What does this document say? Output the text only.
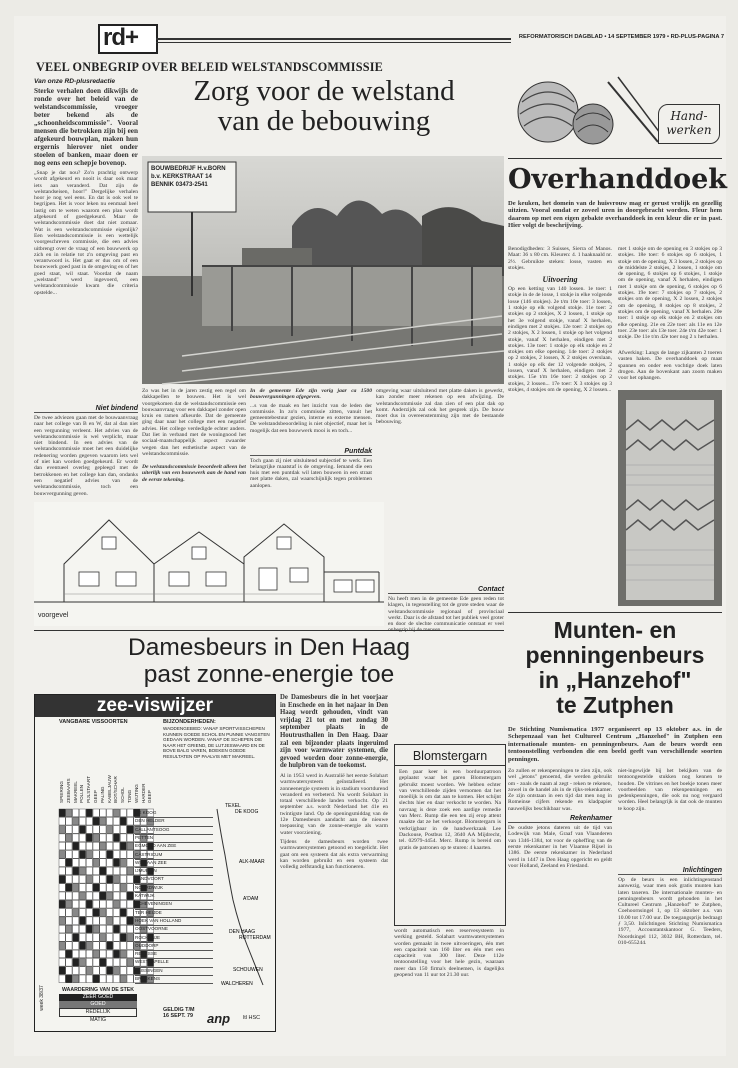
rd+	REFORMATORISCH DAGBLAD • 14 SEPTEMBER 1979 • RD-PLUS-PAGINA 7
VEEL ONBEGRIP OVER BELEID WELSTANDSCOMMISSIE
Zorg voor de welstand
van de bebouwing
Van onze RD-plusredactie
Sterke verhalen doen dikwijls de ronde over het beleid van de welstandscommissie, vroeger beter bekend als de „schoonheidscommissie". Vooral mensen die betrokken zijn bij een afgekeurd bouwplan, maken hun ergernis hierover niet onder stoelen of banken, maar doen er nog eens een schepje bovenop.
„Snap je dat nou? Zo'n prachtig ontwerp wordt afgekeurd en nooit is daar ook maar iets aan veranderd. Dat zijn de welstandseisen, hoor!" Dergelijke verhalen hoor je nog wel eens. En dat is ook wel te begrijpen. Het is voor leken nu eenmaal heel lastig om te weten waarom een plan wordt afgekeurd of goedgekeurd. Maar de welstandscommissie doet dat niet zomaar. Wat is een welstandscommissie eigenlijk? Een welstandscommissie is een wettelijk voorgeschreven commissie, die een advies uitbrengt over de vraag of een bouwwerk op zich en in relatie tot z'n omgeving past en verantwoord is. Het gaat er dus om of een bouwwerk goed past in de omgeving en of het goed staat, wil staat. Voordat de naam „welstand" werd ingevoerd, een welstandcommissie kwam die criteria opstelde...
Niet bindend
De twee adviezen gaan met de bouwaanvraag naar het college van B en W, dat al dan niet een vergunning verleent. Het advies van de welstandscommissie is wel verplicht, maar niet bindend. In een advies van de welstandscommissie moet het een duidelijke redenering worden gegeven waarom iets wel of niet kan worden goedgekeurd. Er wordt dan eventueel overleg gepleegd met de betrokkenen en het college kan dan, ondanks een negatief advies van de welstandscommissie, toch een bouwvergunning geven.
BOUWBEDRIJF H.v.BORN b.v. KERKSTRAAT 14 BENNIK 03473-2541
Zo was het in de jaren zestig een regel om dakkapellen te bouwen. Het is wel voorgekomen dat de welstandscommissie een bouwaanvraag voor een dakkapel zonder open kruis en ramen afkeurde. Dat de gemeente ging daar naar het college met een negatief advies. Het college verdedigde echter anders. Dat liet in verband met de woningnood het sociaal-maatschappelijk aspect zwaarder wegen dan het esthetische aspect van de welstandscommissie.
De welstandscommissie beoordeelt alleen het uiterlijk van een bouwwerk aan de hand van de eerste tekening.
In de gemeente Ede zijn vorig jaar ca 1500 bouwvergunningen afgegeven.
...s van de maak en het inzicht van de leden der commissie. In zo'n commissie zitten, vanuit het gemeentebestuur gezien, interne en externe mensen. De welstandsbeoordeling is niet objectief, maar het is mogelijk dat een bouwwerk mooi is en toch...
Puntdak
Toch gaan zij niet uitsluitend subjectief te werk. Een belangrijke maatstaf is de omgeving. Iemand die een huis met een puntdak wil laten bouwen in een straat met platte daken, zal waarschijnlijk tegen problemen aanlopen.
omgeving waar uitsluitend met platte daken is gewerkt, kan zonder meer rekenen op een afwijzing. De welstandscommissie zal dan zien of een plat dak op komt. Anderzijds zal ook het gesprek zijn. De bouw moet dus in overeenstemming zijn met de bestaande bebouwing.
voorgevel
Contact
Nu heeft men in de gemeente Ede geen reden tot klagen, in tegenstelling tot de grote steden waar de welstandscommissie regionaal of provinciaal werkt. Daar is de afstand tot het publiek veel groter en door de slechte communicatie ontstaat er veel
Hand-
werken
Overhanddoek
De keuken, het domein van de huisvrouw mag er gerust vrolijk en gezellig uitzien. Vooral omdat er zoveel uren in doorgebracht worden. Fleur hem daarom op met een eigen gebakte overhanddoek in een kleur die er in past. Hier volgt de beschrijving.
Benodigdheden: 3 Suisses, Sierra of Manos. Maat: 36 x 80 cm. Kleuren: 4. 1 haaknaald nr. 2½. Gebruikte steken: losse, vasten en stokjes.
Uitvoering
Op een ketting van 140 lossen. 1e toer: 1 stokje in de 4e losse, 1 stokje in elke volgende losse (146 stokjes). 2e t/m 10e toer: 3 lossen, 1 stokje op elk volgend stokje. 11e toer: 2 stokjes op 2 stokjes, X 2 lossen, 1 stokje op het 3e volgend stokje, vanaf X herhalen, eindigen met 2 stokjes. 12e toer: 2 stokjes op 2 stokjes, X 2 lossen, 1 stokje op het volgend stokje, vanaf X herhalen, eindigen met 2 stokjes. 13e toer: 1 stokje op elk stokje en 2 stokjes om elke opening. 14e toer: 2 stokjes op 2 stokjes, 2 lossen, X 2 stokjes overslaan, 1 stokje op elk der 12 volgende stokjes, 2 lossen, vanaf X herhalen, eindigen met 2 stokjes. 15e t/m 16e toer: 2 stokjes op 2 stokjes, 2 lossen... 17e toer: X 3 stokjes op 3 stokjes, 4 stokjes om de opening, X 2 lossen...
met 1 stokje om de opening en 3 stokjes op 3 stokjes. 18e toer: 6 stokjes op 6 stokjes, 1 stokje om de opening, X 3 lossen, 2 stokjes op de middelste 2 stokjes, 2 lossen, 1 stokje om de opening, 6 stokjes op 6 stokjes, 1 stokje om de opening, vanaf X herhalen, eindigen met 1 stokje om de opening, 6 stokjes op 6 stokjes. 19e toer: 7 stokjes op 7 stokjes, 2 stokjes om de opening, X 2 lossen, 2 stokjes om de opening, 8 stokjes op 8 stokjes, 2 stokjes om de opening, vanaf X herhalen. 20e toer: 1 stokje op elk stokje en 2 stokjes om elke opening. 21e en 22e toer: als 11e en 12e toer. 23e toer: als 13e toer. 24e t/m 42e toer: 1 stokje. De 11e t/m 42e toer nog 2 x herhalen.
Afwerking: Langs de lange zijkanten 2 toeren vasten haken. De overhanddoek op maat spannen en onder een vochtige doek laten drogen. Aan de bovenkant aan zoom maken voor het ophangen.
Damesbeurs in Den Haag
past zonne-energie toe
zee-viswijzer
VANGBARE VISSOORTEN	BIJZONDERHEDEN:
WADDENGEBIED: VANAF SPORTVISSCHEPEN KUNNEN GOEDE SCHOL EN PUNNIE VANGSTEN GEDAAN WORDEN. VANAF DE SCHEPEN DIE NAAR HET GRIEND, DE LUTJESWAARD EN DE BOVE BALG VAREN, BOEKEN GOEDE RESULTATEN OP PAALVIS MET MAKREEL.
SPIERING ZEEBAARS MAKREEL POLLEN PIJLSTAART GEEP PALING KABELJAUW BOT/SCHAR SCHOL TONG WIJTING HARDER GEEP
week 38/37
ALK-MAAR
A'DAM
DEN HAAG
ROTTERDAM
SCHOUWEN
WALCHEREN
DE KOOG
TEXEL
DE KOOG
DEN HELDER
CALLANTSOOG
PETTEN
EGMOND AAN ZEE
CASTRICUM
WIJK AAN ZEE
IJMUIDEN
ZANDVOORT
NOORDWIJK
KATWIJK
SCHEVENINGEN
TER HEIJDE
HOEK VAN HOLLAND
OOSTVOORNE
ROCKANJE
OUDDORP
RENESSE
WESTKAPELLE
VLISSINGEN
BRESKENS
WAARDERING VAN DE STEK
ZEER GOED
GOED
REDELIJK
MATIG
GELDIG T/M
16 SEPT. 79 anp ltl HSC
De Damesbeurs die in het voorjaar in Enschede en in het najaar in Den Haag wordt gehouden, vindt van vrijdag 21 tot en met zondag 30 september plaats in de Houtrusthallen in Den Haag. Daar zal een bijzonder plaats ingeruimd zijn voor warmwater systemen, die gevoed worden door zonne-energie, de hulpbron van de toekomst.
Al in 1953 werd in Australië het eerste Solahart warmwatersysteem geïnstalleerd. Het zonneenergie systeem is in stadium voortdurend veranderd en verbeterd. Nu wordt Solahart in totaal verschillende landen verkocht. Op 21 september a.s. wordt Nederland het 41e en twintigste land. Op de openingsmiddag van de 12e Damesbeurs aandacht aan de nieuwe toepassing van de zonne-energie als warm water voorziening.
Tijdens de damesbeurs worden twee warmwatersystemen getoond en toegelicht. Het gaat om een systeem dat als extra verwarming kan worden gebruikt en een systeem dat volledig zelfstandig kan functioneren.
Blomstergarn
Een paar keer is een borduurpatroon geplaatst waar het garen Blomstergarn gebruikt moest worden. We hebben echter van verschillende zijden vernomen dat het moeilijk is om dat aan te komen. Het schijnt slechts hier en daar verkocht te worden. Na navraag is deze zoek een aardige remedie van Merc. Rump die een ten zij erop attent maakte dat ze het verkoopt. Blomstergarn is verkrijgbaar in de handwerkzaak Lee Dackouse, Postbus 12, 3640 AA Mijdrecht, tel. 02979-4454. Merc. Rump is bereid om gratis de patronen op te sturen: 4 kaarten.
wordt automatisch een reservesysteem in werking gesteld. Solahart warmwatersystemen worden gemaakt in twee uitvoeringen, één met een capaciteit van 160 liter en één met een capaciteit van 300 liter. Deze 112e tentoonstelling voor het hele gezin, waaraan meer dan 150 firma's deelnemen, is dagelijks geopend van 11 uur tot 21.30 uur.
Munten- en
penningenbeurs
in „Hanzehof"
te Zutphen
De Stichting Numismatica 1977 organiseert op 13 oktober a.s. in de Schepenzaal van het Cultureel Centrum „Hanzehof" in Zutphen een internationale munten- en penningenbeurs. Aan de beurs wordt een tentoonstelling verbonden die een beeld geeft van verschillende soorten penningen.
Zo zullen er rekenpenningen te zien zijn, ook wel „jetons" genoemd, die werden gebruikt om - zoals de naam al zegt - reken te rekenen, zowel in de handel als in de rijks-rekenkamer. Ze zijn ontstaan in een tijd dat men nog in Romeinse cijfers rekende en kladpapier nauwelijks beschikbaar was.
Rekenhamer
De oudste jetons dateren uit de tijd van Lodewijk van Male, Graaf van Vlaanderen van 1346-1384, tot voor de opheffing van de eerste rekenkamer in het Vlaamse Rijsel in 1386. De eerste rekenkamer in Nederland werd in 1447 in Den Haag opgericht en geldt voor Holland, Zeeland en Friesland.
niet-ingewijde bij het bekijken van de tentoongestelde stukken nog kennen te houden. De vitrines en het boekje tonen meer voorbeelden van rekenpenningen en gedenkpenningen, die ook nu nog vergaard worden. Heel belangrijk is dat ook de munten te koop zijn.
Inlichtingen
Op de beurs is een inlichtingenstand aanwezig, waar men ook gratis munten kan laten taxeren. De internationale munten- en penningenbeurs wordt gehouden in het Cultureel Centrum „Hanzehof" te Zutphen, Coehoornsingel 1, op 13 oktober a.s. van 10.00 tot 17.00 uur. De toegangsprijs bedraagt ƒ 3,50. Inlichtingen Stichting Numismatica 1977, Accountantskantoor G. Teeders, Noordsingel 112, 3032 BH, Rotterdam, tel. 010-655244.
